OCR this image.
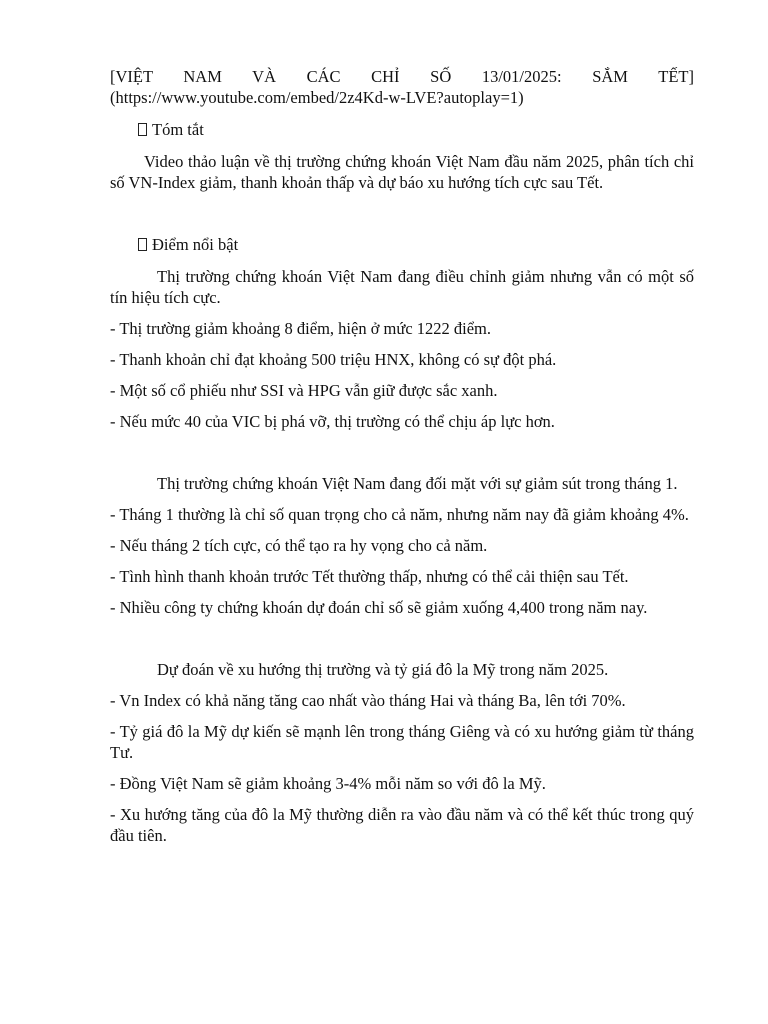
[VIỆT NAM VÀ CÁC CHỈ SỐ 13/01/2025: SẮM TẾT]

(https://www.youtube.com/embed/2z4Kd-w-LVE?autoplay=1)

Tóm tắt

Video thảo luận về thị trường chứng khoán Việt Nam đầu năm 2025, phân tích chỉ số VN-Index giảm, thanh khoản thấp và dự báo xu hướng tích cực sau Tết.

Điểm nổi bật

Thị trường chứng khoán Việt Nam đang điều chỉnh giảm nhưng vẫn có một số tín hiệu tích cực.

- Thị trường giảm khoảng 8 điểm, hiện ở mức 1222 điểm.

- Thanh khoản chỉ đạt khoảng 500 triệu HNX, không có sự đột phá.

- Một số cổ phiếu như SSI và HPG vẫn giữ được sắc xanh.

- Nếu mức 40 của VIC bị phá vỡ, thị trường có thể chịu áp lực hơn.

Thị trường chứng khoán Việt Nam đang đối mặt với sự giảm sút trong tháng 1.

- Tháng 1 thường là chỉ số quan trọng cho cả năm, nhưng năm nay đã giảm khoảng 4%.

- Nếu tháng 2 tích cực, có thể tạo ra hy vọng cho cả năm.

- Tình hình thanh khoản trước Tết thường thấp, nhưng có thể cải thiện sau Tết.

- Nhiều công ty chứng khoán dự đoán chỉ số sẽ giảm xuống 4,400 trong năm nay.

Dự đoán về xu hướng thị trường và tỷ giá đô la Mỹ trong năm 2025.

- Vn Index có khả năng tăng cao nhất vào tháng Hai và tháng Ba, lên tới 70%.

- Tỷ giá đô la Mỹ dự kiến sẽ mạnh lên trong tháng Giêng và có xu hướng giảm từ tháng Tư.

- Đồng Việt Nam sẽ giảm khoảng 3-4% mỗi năm so với đô la Mỹ.

- Xu hướng tăng của đô la Mỹ thường diễn ra vào đầu năm và có thể kết thúc trong quý đầu tiên.
